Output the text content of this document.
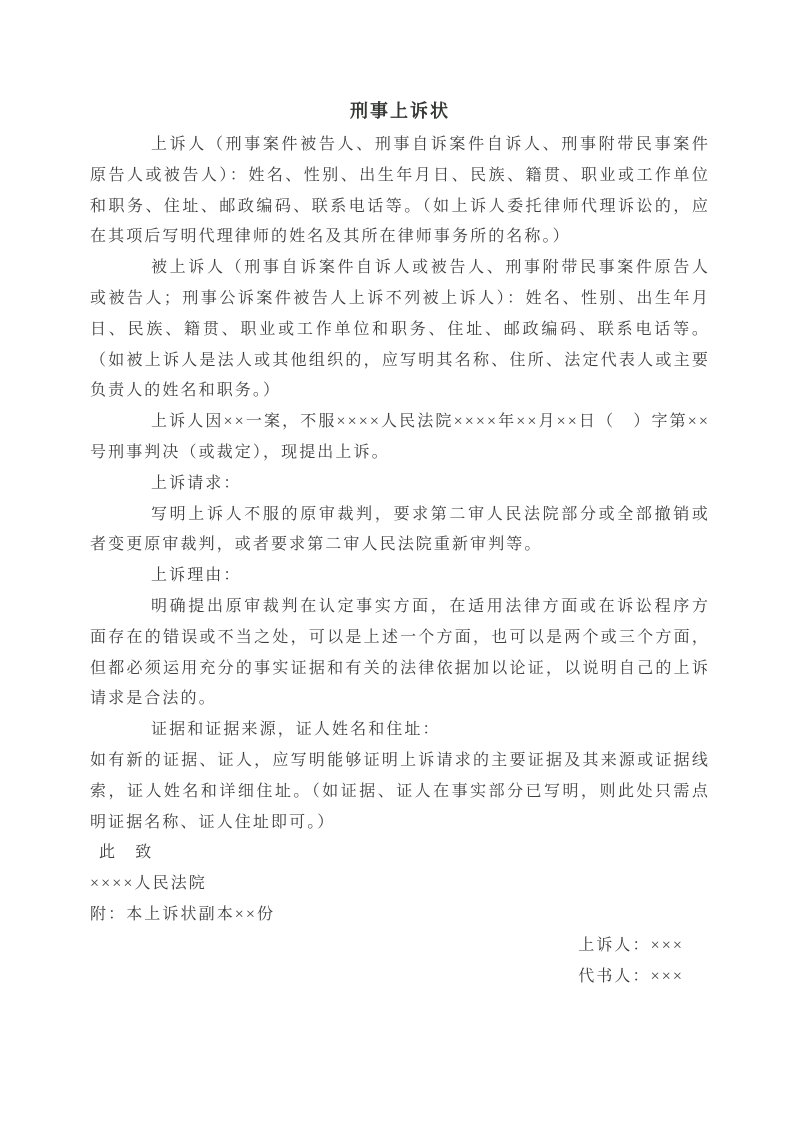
刑事上诉状

上诉人（刑事案件被告人、刑事自诉案件自诉人、刑事附带民事案件原告人或被告人）：姓名、性别、出生年月日、民族、籍贯、职业或工作单位和职务、住址、邮政编码、联系电话等。（如上诉人委托律师代理诉讼的，应在其项后写明代理律师的姓名及其所在律师事务所的名称。）

被上诉人（刑事自诉案件自诉人或被告人、刑事附带民事案件原告人或被告人；刑事公诉案件被告人上诉不列被上诉人）：姓名、性别、出生年月日、民族、籍贯、职业或工作单位和职务、住址、邮政编码、联系电话等。（如被上诉人是法人或其他组织的，应写明其名称、住所、法定代表人或主要负责人的姓名和职务。）

上诉人因××一案，不服××××人民法院××××年××月××日（　）字第××号刑事判决（或裁定），现提出上诉。

上诉请求：

写明上诉人不服的原审裁判，要求第二审人民法院部分或全部撤销或者变更原审裁判，或者要求第二审人民法院重新审判等。

上诉理由：

明确提出原审裁判在认定事实方面，在适用法律方面或在诉讼程序方面存在的错误或不当之处，可以是上述一个方面，也可以是两个或三个方面，但都必须运用充分的事实证据和有关的法律依据加以论证，以说明自己的上诉请求是合法的。

证据和证据来源，证人姓名和住址：

如有新的证据、证人，应写明能够证明上诉请求的主要证据及其来源或证据线索，证人姓名和详细住址。（如证据、证人在事实部分已写明，则此处只需点明证据名称、证人住址即可。）

此　致

××××人民法院

附：本上诉状副本××份

上诉人：×××

代书人：×××
